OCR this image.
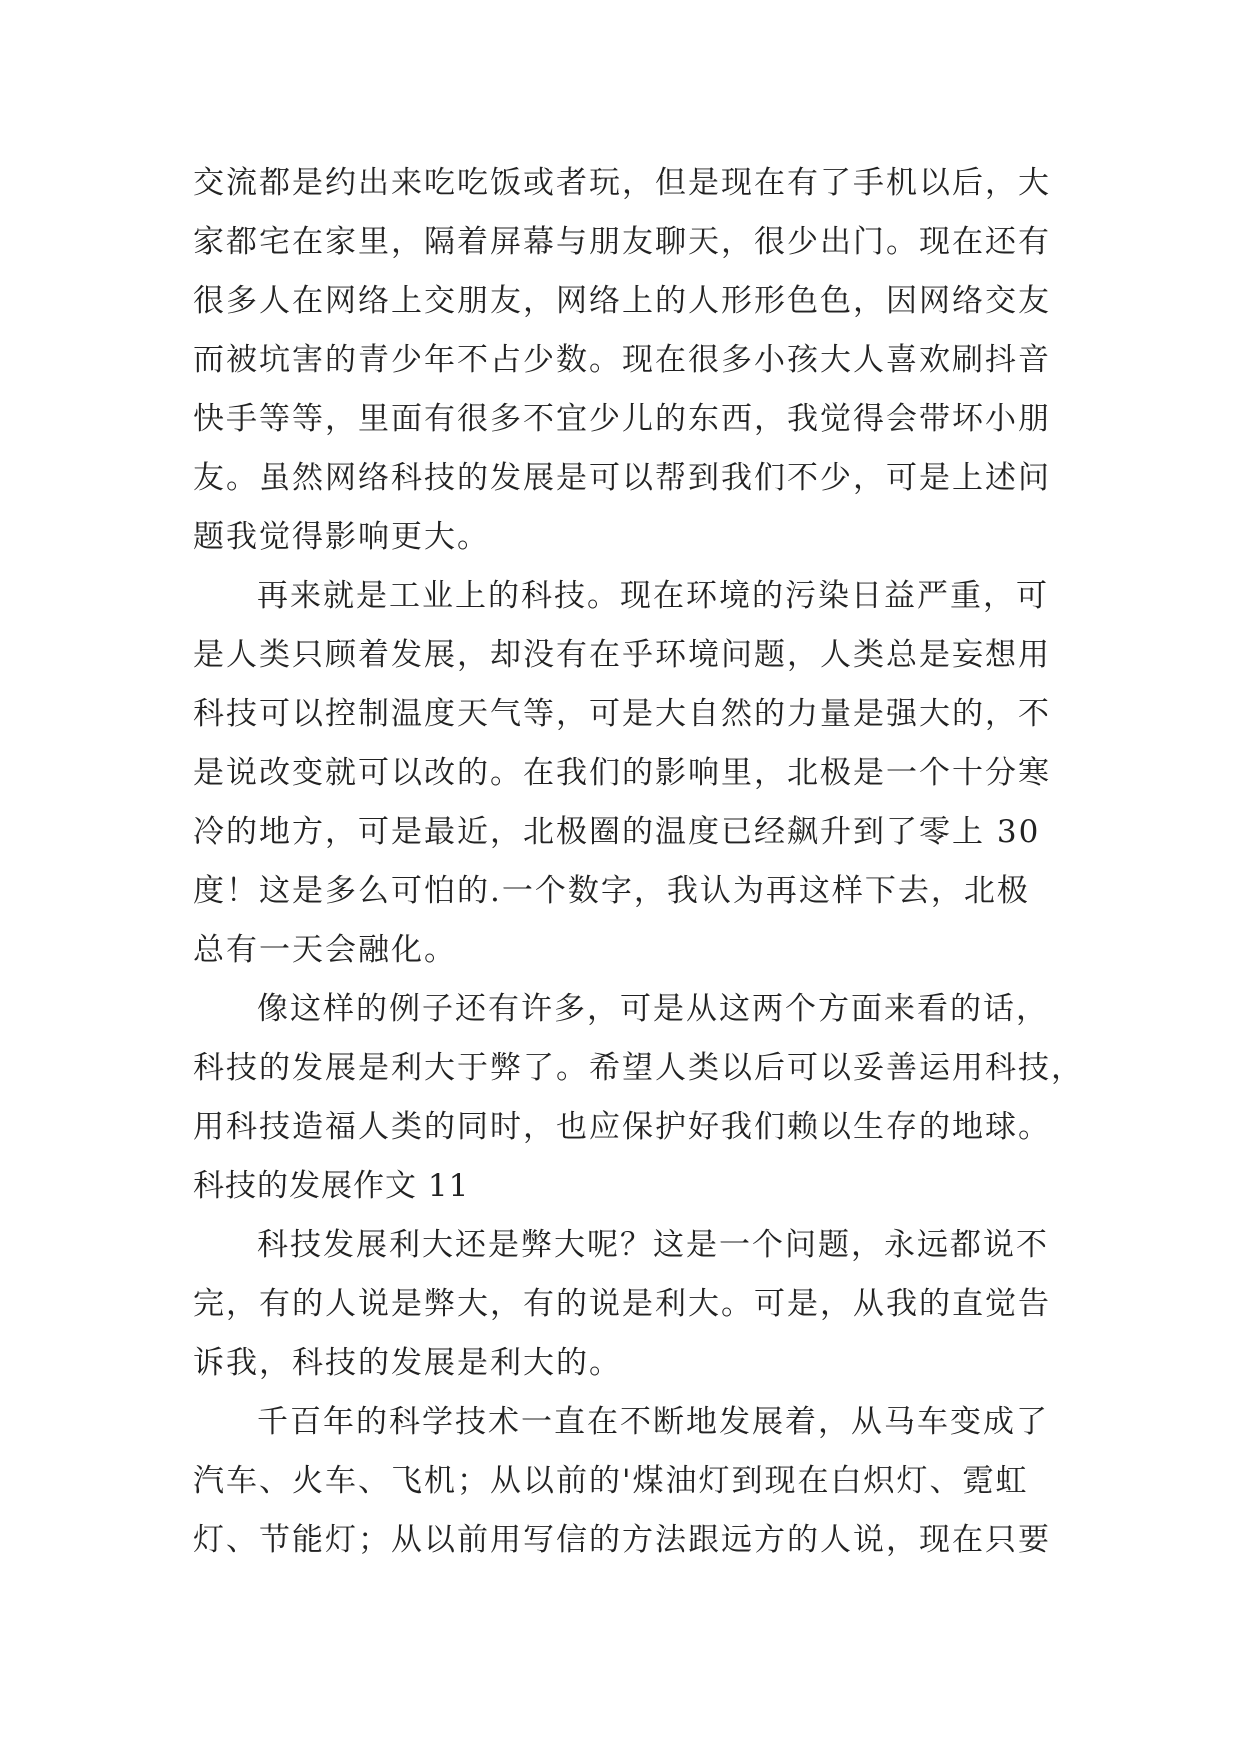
交流都是约出来吃吃饭或者玩，但是现在有了手机以后，大
家都宅在家里，隔着屏幕与朋友聊天，很少出门。现在还有
很多人在网络上交朋友，网络上的人形形色色，因网络交友
而被坑害的青少年不占少数。现在很多小孩大人喜欢刷抖音
快手等等，里面有很多不宜少儿的东西，我觉得会带坏小朋
友。虽然网络科技的发展是可以帮到我们不少，可是上述问
题我觉得影响更大。
再来就是工业上的科技。现在环境的污染日益严重，可
是人类只顾着发展，却没有在乎环境问题，人类总是妄想用
科技可以控制温度天气等，可是大自然的力量是强大的，不
是说改变就可以改的。在我们的影响里，北极是一个十分寒
冷的地方，可是最近，北极圈的温度已经飙升到了零上 30
度！这是多么可怕的.一个数字，我认为再这样下去，北极
总有一天会融化。
像这样的例子还有许多，可是从这两个方面来看的话，
科技的发展是利大于弊了。希望人类以后可以妥善运用科技，
用科技造福人类的同时，也应保护好我们赖以生存的地球。
科技的发展作文 11
科技发展利大还是弊大呢？这是一个问题，永远都说不
完，有的人说是弊大，有的说是利大。可是，从我的直觉告
诉我，科技的发展是利大的。
千百年的科学技术一直在不断地发展着，从马车变成了
汽车、火车、飞机；从以前的'煤油灯到现在白炽灯、霓虹
灯、节能灯；从以前用写信的方法跟远方的人说，现在只要
